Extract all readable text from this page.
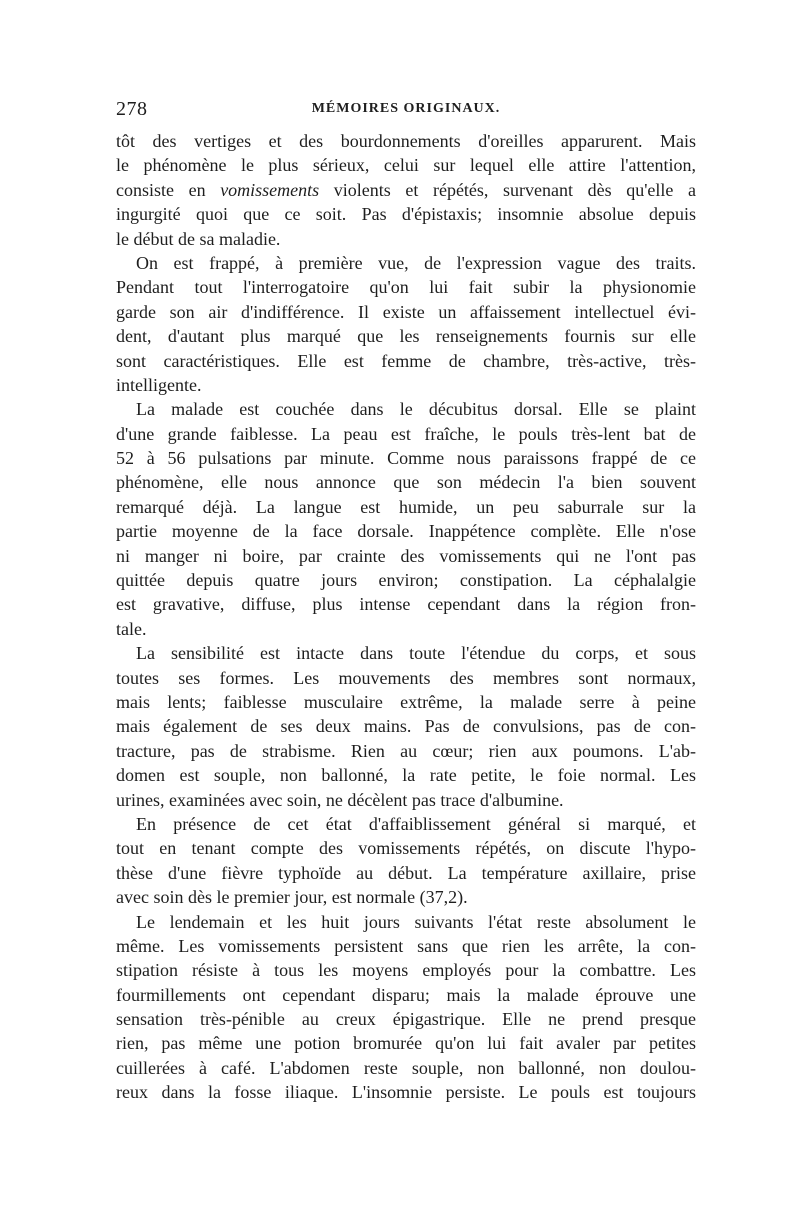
278	MÉMOIRES ORIGINAUX.

tôt des vertiges et des bourdonnements d'oreilles apparurent. Mais
le phénomène le plus sérieux, celui sur lequel elle attire l'attention,
consiste en vomissements violents et répétés, survenant dès qu'elle a
ingurgité quoi que ce soit. Pas d'épistaxis; insomnie absolue depuis
le début de sa maladie.

On est frappé, à première vue, de l'expression vague des traits.
Pendant tout l'interrogatoire qu'on lui fait subir la physionomie
garde son air d'indifférence. Il existe un affaissement intellectuel évi-
dent, d'autant plus marqué que les renseignements fournis sur elle
sont caractéristiques. Elle est femme de chambre, très-active, très-
intelligente.

La malade est couchée dans le décubitus dorsal. Elle se plaint
d'une grande faiblesse. La peau est fraîche, le pouls très-lent bat de
52 à 56 pulsations par minute. Comme nous paraissons frappé de ce
phénomène, elle nous annonce que son médecin l'a bien souvent
remarqué déjà. La langue est humide, un peu saburrale sur la
partie moyenne de la face dorsale. Inappétence complète. Elle n'ose
ni manger ni boire, par crainte des vomissements qui ne l'ont pas
quittée depuis quatre jours environ; constipation. La céphalalgie
est gravative, diffuse, plus intense cependant dans la région fron-
tale.

La sensibilité est intacte dans toute l'étendue du corps, et sous
toutes ses formes. Les mouvements des membres sont normaux,
mais lents; faiblesse musculaire extrême, la malade serre à peine
mais également de ses deux mains. Pas de convulsions, pas de con-
tracture, pas de strabisme. Rien au cœur; rien aux poumons. L'ab-
domen est souple, non ballonné, la rate petite, le foie normal. Les
urines, examinées avec soin, ne décèlent pas trace d'albumine.

En présence de cet état d'affaiblissement général si marqué, et
tout en tenant compte des vomissements répétés, on discute l'hypo-
thèse d'une fièvre typhoïde au début. La température axillaire, prise
avec soin dès le premier jour, est normale (37,2).

Le lendemain et les huit jours suivants l'état reste absolument le
même. Les vomissements persistent sans que rien les arrête, la con-
stipation résiste à tous les moyens employés pour la combattre. Les
fourmillements ont cependant disparu; mais la malade éprouve une
sensation très-pénible au creux épigastrique. Elle ne prend presque
rien, pas même une potion bromurée qu'on lui fait avaler par petites
cuillerées à café. L'abdomen reste souple, non ballonné, non doulou-
reux dans la fosse iliaque. L'insomnie persiste. Le pouls est toujours
